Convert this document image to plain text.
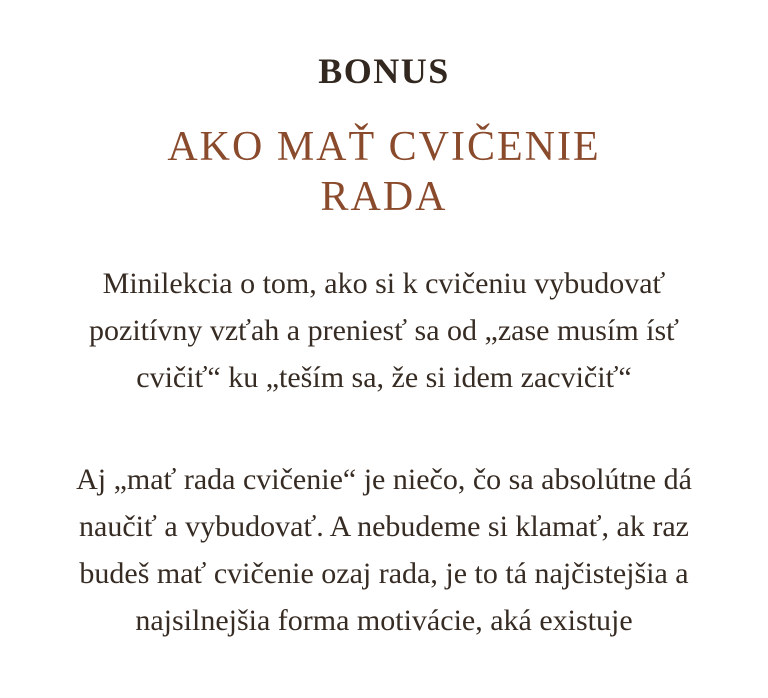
BONUS
AKO MAŤ CVIČENIE
RADA

Minilekcia o tom, ako si k cvičeniu vybudovať
pozitívny vzťah a preniesť sa od „zase musím ísť
cvičiť“ ku „teším sa, že si idem zacvičiť“

Aj „mať rada cvičenie“ je niečo, čo sa absolútne dá
naučiť a vybudovať. A nebudeme si klamať, ak raz
budeš mať cvičenie ozaj rada, je to tá najčistejšia a
najsilnejšia forma motivácie, aká existuje
